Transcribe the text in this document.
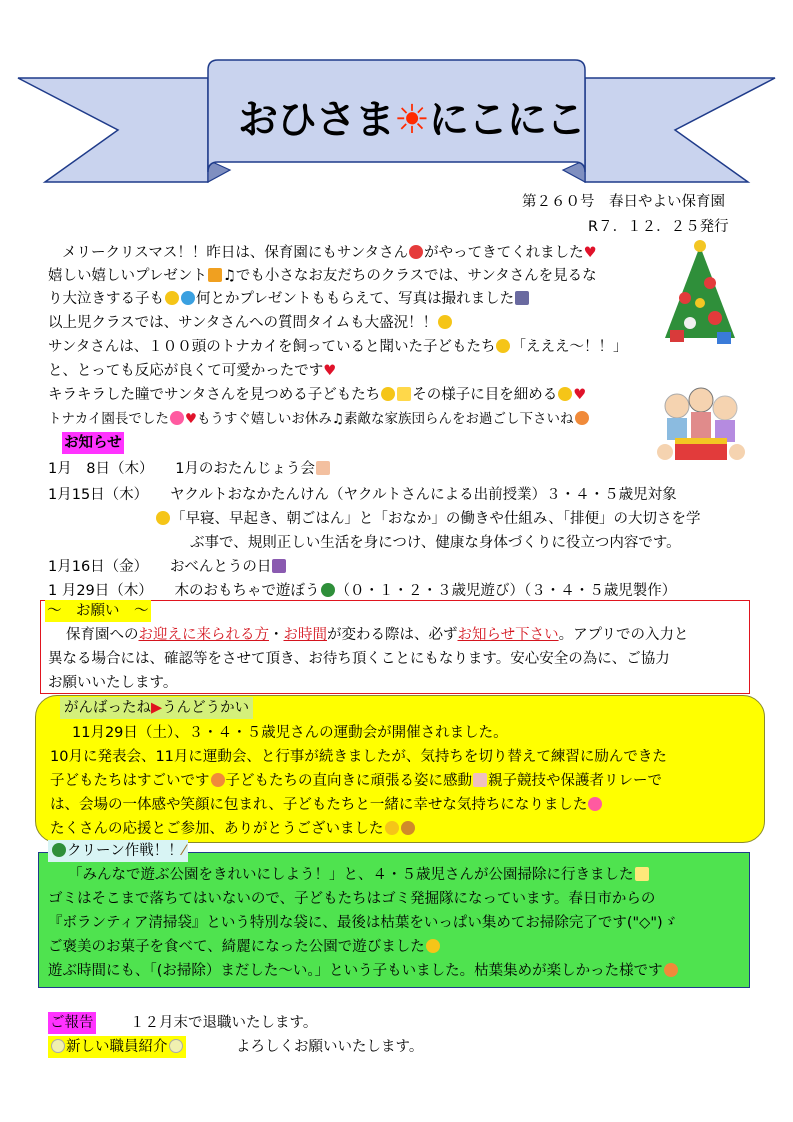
おひさま☀にこにこ
第２６０号　春日やよい保育園
R７．１２．２５発行
メリークリスマス！！昨日は、保育園にもサンタさん がやってきてくれました♥
嬉しい嬉しいプレゼント ♫でも小さなお友だちのクラスでは、サンタさんを見るな
り大泣きする子も 何とかプレゼントももらえて、写真は撮れました
以上児クラスでは、サンタさんへの質問タイムも大盛況！！
サンタさんは、１００頭のトナカイを飼っていると聞いた子どもたち 「えええ〜！！」
と、とっても反応が良くて可愛かったです♥
キラキラした瞳でサンタさんを見つめる子どもたち その様子に目を細める ♥
トナカイ園長でした ♥もうすぐ嬉しいお休み♫素敵な家族団らんをお過ごし下さいね
お知らせ
1月　8日（木）　　 1月のおたんじょう会
1月15日（木）　　 ヤクルトおなかたんけん（ヤクルトさんによる出前授業）３・４・５歳児対象
「早寝、早起き、朝ごはん」と「おなか」の働きや仕組み、「排便」の大切さを学
ぶ事で、規則正しい生活を身につけ、健康な身体づくりに役立つ内容です。
1月16日（金）　　 おべんとうの日
1 月29日（木）　　 木のおもちゃで遊ぼう （０・１・２・３歳児遊び）（３・４・５歳児製作）
〜　お願い　〜
保育園へのお迎えに来られる方・お時間が変わる際は、必ずお知らせ下さい。アプリでの入力と
異なる場合には、確認等をさせて頂き、お待ち頂くことにもなります。安心安全の為に、ご協力
お願いいたします。
がんばったね▶うんどうかい
11月29日（土）、３・４・５歳児さんの運動会が開催されました。
10月に発表会、11月に運動会、と行事が続きましたが、気持ちを切り替えて練習に励んできた
子どもたちはすごいです 子どもたちの直向きに頑張る姿に感動 親子競技や保護者リレーで
は、会場の一体感や笑顔に包まれ、子どもたちと一緒に幸せな気持ちになりました
たくさんの応援とご参加、ありがとうございました
クリーン作戦！！⁄
「みんなで遊ぶ公園をきれいにしよう！」と、４・５歳児さんが公園掃除に行きました
ゴミはそこまで落ちてはいないので、子どもたちはゴミ発掘隊になっています。春日市からの
『ボランティア清掃袋』という特別な袋に、最後は枯葉をいっぱい集めてお掃除完了です("◇")ゞ
ご褒美のお菓子を食べて、綺麗になった公園で遊びました
遊ぶ時間にも、「(お掃除）まだした〜い。」という子もいました。枯葉集めが楽しかった様です
ご報告	１２月末で退職いたします。
新しい職員紹介	よろしくお願いいたします。
